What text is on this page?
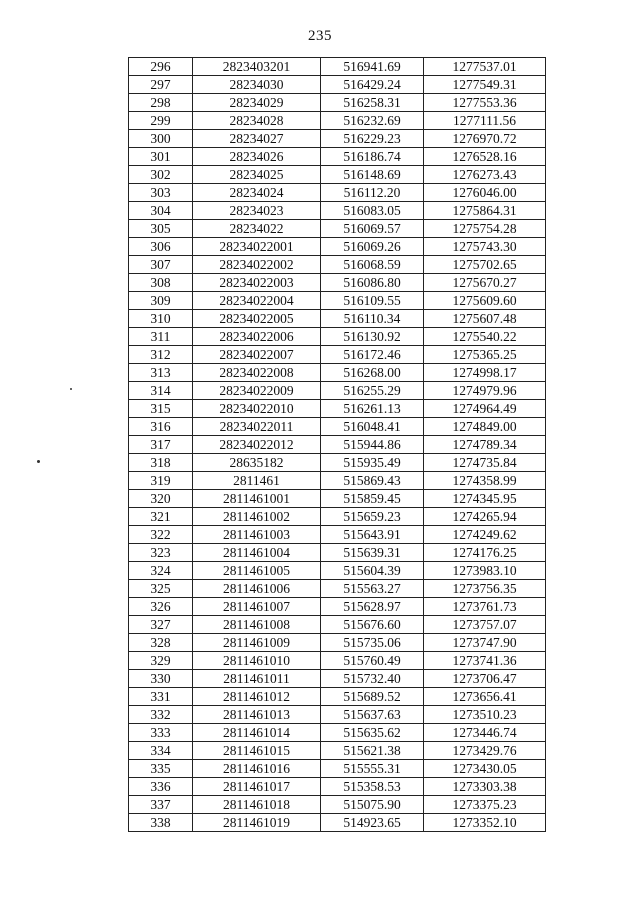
235
296	2823403201	516941.69	1277537.01
297	28234030	516429.24	1277549.31
298	28234029	516258.31	1277553.36
299	28234028	516232.69	1277111.56
300	28234027	516229.23	1276970.72
301	28234026	516186.74	1276528.16
302	28234025	516148.69	1276273.43
303	28234024	516112.20	1276046.00
304	28234023	516083.05	1275864.31
305	28234022	516069.57	1275754.28
306	28234022001	516069.26	1275743.30
307	28234022002	516068.59	1275702.65
308	28234022003	516086.80	1275670.27
309	28234022004	516109.55	1275609.60
310	28234022005	516110.34	1275607.48
311	28234022006	516130.92	1275540.22
312	28234022007	516172.46	1275365.25
313	28234022008	516268.00	1274998.17
314	28234022009	516255.29	1274979.96
315	28234022010	516261.13	1274964.49
316	28234022011	516048.41	1274849.00
317	28234022012	515944.86	1274789.34
318	28635182	515935.49	1274735.84
319	2811461	515869.43	1274358.99
320	2811461001	515859.45	1274345.95
321	2811461002	515659.23	1274265.94
322	2811461003	515643.91	1274249.62
323	2811461004	515639.31	1274176.25
324	2811461005	515604.39	1273983.10
325	2811461006	515563.27	1273756.35
326	2811461007	515628.97	1273761.73
327	2811461008	515676.60	1273757.07
328	2811461009	515735.06	1273747.90
329	2811461010	515760.49	1273741.36
330	2811461011	515732.40	1273706.47
331	2811461012	515689.52	1273656.41
332	2811461013	515637.63	1273510.23
333	2811461014	515635.62	1273446.74
334	2811461015	515621.38	1273429.76
335	2811461016	515555.31	1273430.05
336	2811461017	515358.53	1273303.38
337	2811461018	515075.90	1273375.23
338	2811461019	514923.65	1273352.10
